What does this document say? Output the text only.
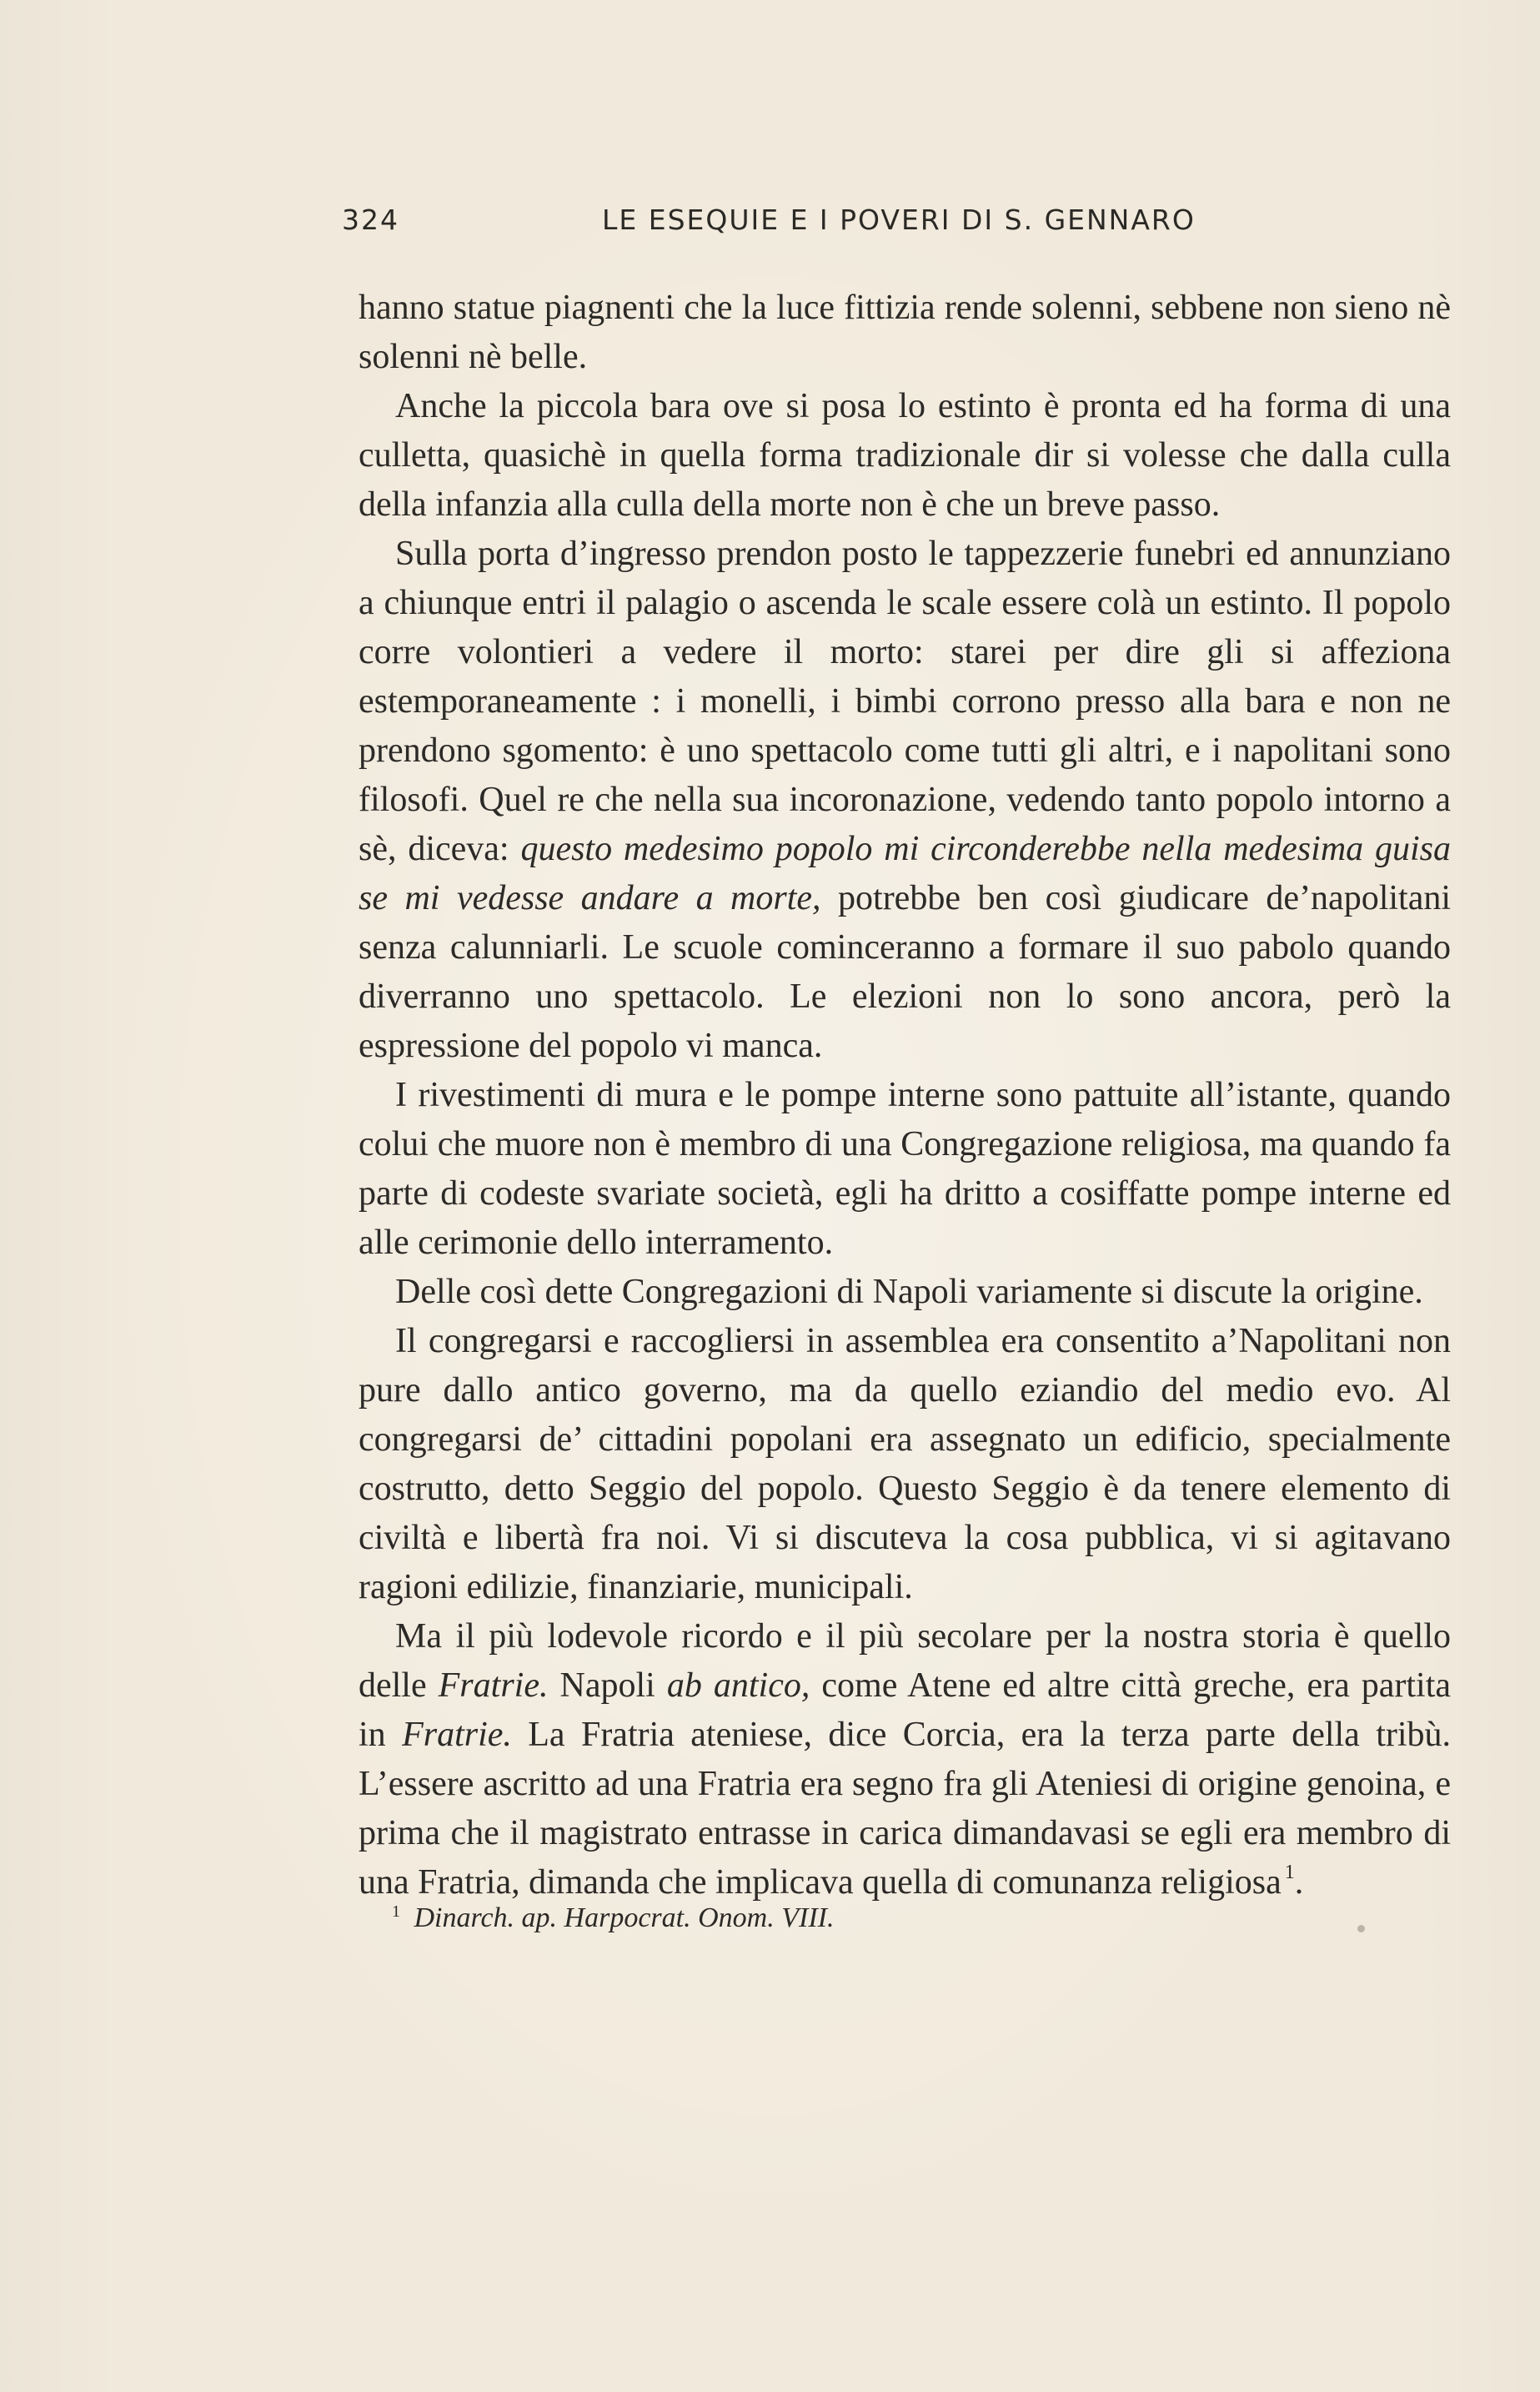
324	LE ESEQUIE E I POVERI DI S. GENNARO

hanno statue piagnenti che la luce fittizia rende solenni, sebbene non sieno nè solenni nè belle.

Anche la piccola bara ove si posa lo estinto è pronta ed ha forma di una culletta, quasichè in quella forma tradizionale dir si volesse che dalla culla della infanzia alla culla della morte non è che un breve passo.

Sulla porta d’ingresso prendon posto le tappezzerie funebri ed annunziano a chiunque entri il palagio o ascenda le scale essere colà un estinto. Il popolo corre volontieri a vedere il morto: starei per dire gli si affeziona estemporaneamente : i monelli, i bimbi corrono presso alla bara e non ne prendono sgomento: è uno spettacolo come tutti gli altri, e i napolitani sono filosofi. Quel re che nella sua incoronazione, vedendo tanto popolo intorno a sè, diceva: questo medesimo popolo mi circonderebbe nella medesima guisa se mi vedesse andare a morte, potrebbe ben così giudicare de’napolitani senza calunniarli. Le scuole cominceranno a formare il suo pabolo quando diverranno uno spettacolo. Le elezioni non lo sono ancora, però la espressione del popolo vi manca.

I rivestimenti di mura e le pompe interne sono pattuite all’istante, quando colui che muore non è membro di una Congregazione religiosa, ma quando fa parte di codeste svariate società, egli ha dritto a cosiffatte pompe interne ed alle cerimonie dello interramento.

Delle così dette Congregazioni di Napoli variamente si discute la origine.

Il congregarsi e raccogliersi in assemblea era consentito a’Napolitani non pure dallo antico governo, ma da quello eziandio del medio evo. Al congregarsi de’ cittadini popolani era assegnato un edificio, specialmente costrutto, detto Seggio del popolo. Questo Seggio è da tenere elemento di civiltà e libertà fra noi. Vi si discuteva la cosa pubblica, vi si agitavano ragioni edilizie, finanziarie, municipali.

Ma il più lodevole ricordo e il più secolare per la nostra storia è quello delle Fratrie. Napoli ab antico, come Atene ed altre città greche, era partita in Fratrie. La Fratria ateniese, dice Corcia, era la terza parte della tribù. L’essere ascritto ad una Fratria era segno fra gli Ateniesi di origine genoina, e prima che il magistrato entrasse in carica dimandavasi se egli era membro di una Fratria, dimanda che implicava quella di comunanza religiosa $^1$.

$^1$ Dinarch. ap. Harpocrat. Onom. VIII.
